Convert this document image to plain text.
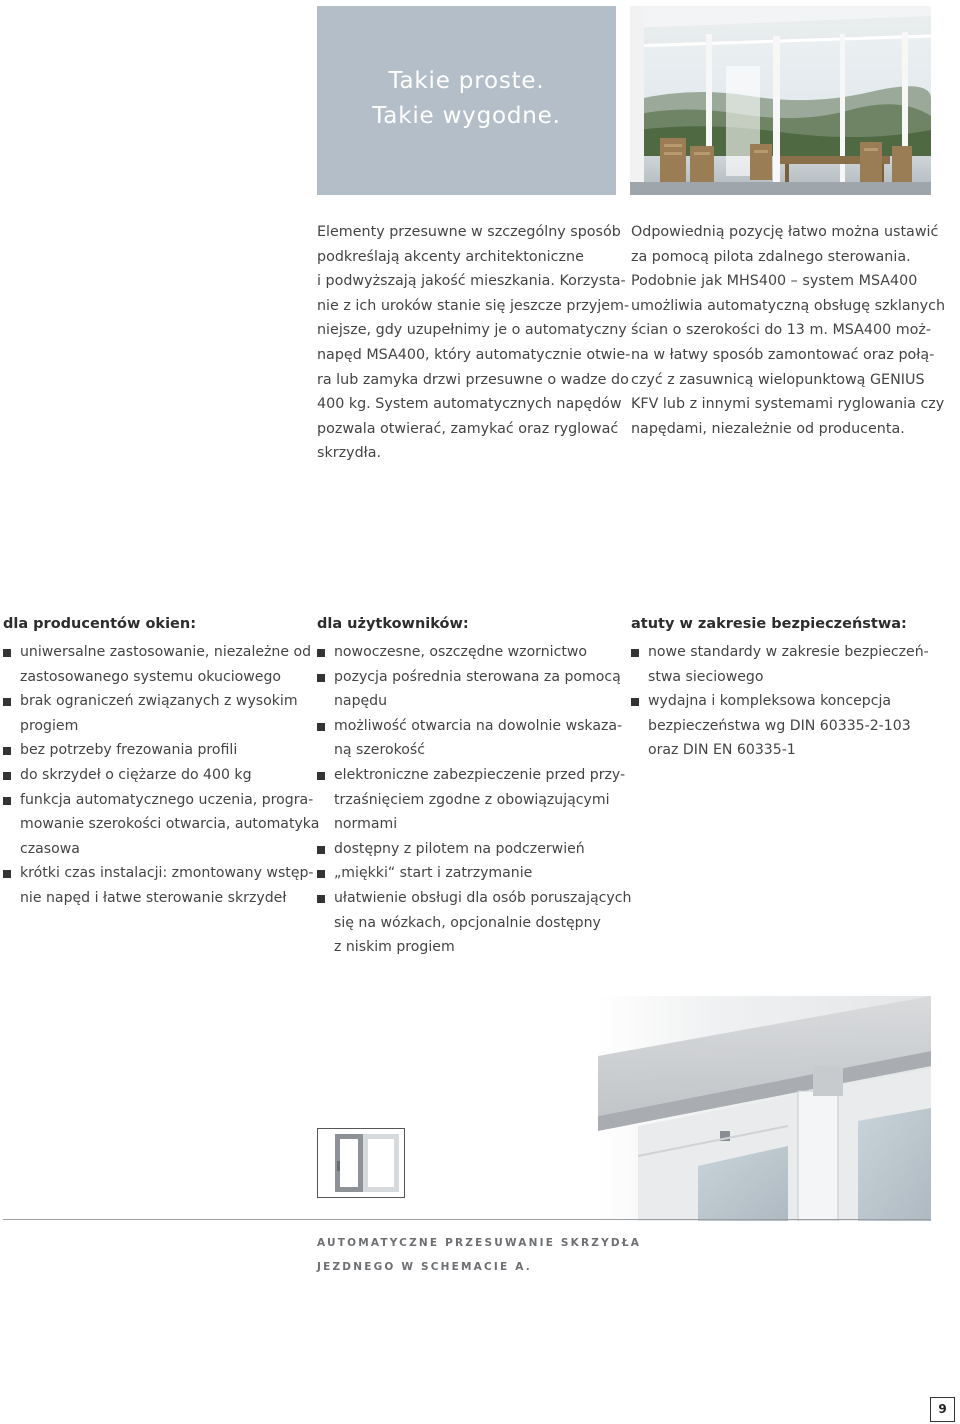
Takie proste.
Takie wygodne.

Elementy przesuwne w szczególny sposób
podkreślają akcenty architektoniczne
i podwyższają jakość mieszkania. Korzysta-
nie z ich uroków stanie się jeszcze przyjem-
niejsze, gdy uzupełnimy je o automatyczny
napęd MSA400, który automatycznie otwie-
ra lub zamyka drzwi przesuwne o wadze do
400 kg. System automatycznych napędów
pozwala otwierać, zamykać oraz ryglować
skrzydła.

Odpowiednią pozycję łatwo można ustawić
za pomocą pilota zdalnego sterowania.
Podobnie jak MHS400 – system MSA400
umożliwia automatyczną obsługę szklanych
ścian o szerokości do 13 m. MSA400 moż-
na w łatwy sposób zamontować oraz połą-
czyć z zasuwnicą wielopunktową GENIUS
KFV lub z innymi systemami ryglowania czy
napędami, niezależnie od producenta.

dla producentów okien:	dla użytkowników:	atuty w zakresie bezpieczeństwa:
uniwersalne zastosowanie, niezależne od
zastosowanego systemu okuciowego
brak ograniczeń związanych z wysokim
progiem
bez potrzeby frezowania profili
do skrzydeł o ciężarze do 400 kg
funkcja automatycznego uczenia, progra-
mowanie szerokości otwarcia, automatyka
czasowa
krótki czas instalacji: zmontowany wstęp-
nie napęd i łatwe sterowanie skrzydeł
nowoczesne, oszczędne wzornictwo
pozycja pośrednia sterowana za pomocą
napędu
możliwość otwarcia na dowolnie wskaza-
ną szerokość
elektroniczne zabezpieczenie przed przy-
trzaśnięciem zgodne z obowiązującymi
normami
dostępny z pilotem na podczerwień
„miękki“ start i zatrzymanie
ułatwienie obsługi dla osób poruszających
się na wózkach, opcjonalnie dostępny
z niskim progiem
nowe standardy w zakresie bezpieczeń-
stwa sieciowego
wydajna i kompleksowa koncepcja
bezpieczeństwa wg DIN 60335-2-103
oraz DIN EN 60335-1
AUTOMATYCZNE PRZESUWANIE SKRZYDŁA
JEZDNEGO W SCHEMACIE A.
9
